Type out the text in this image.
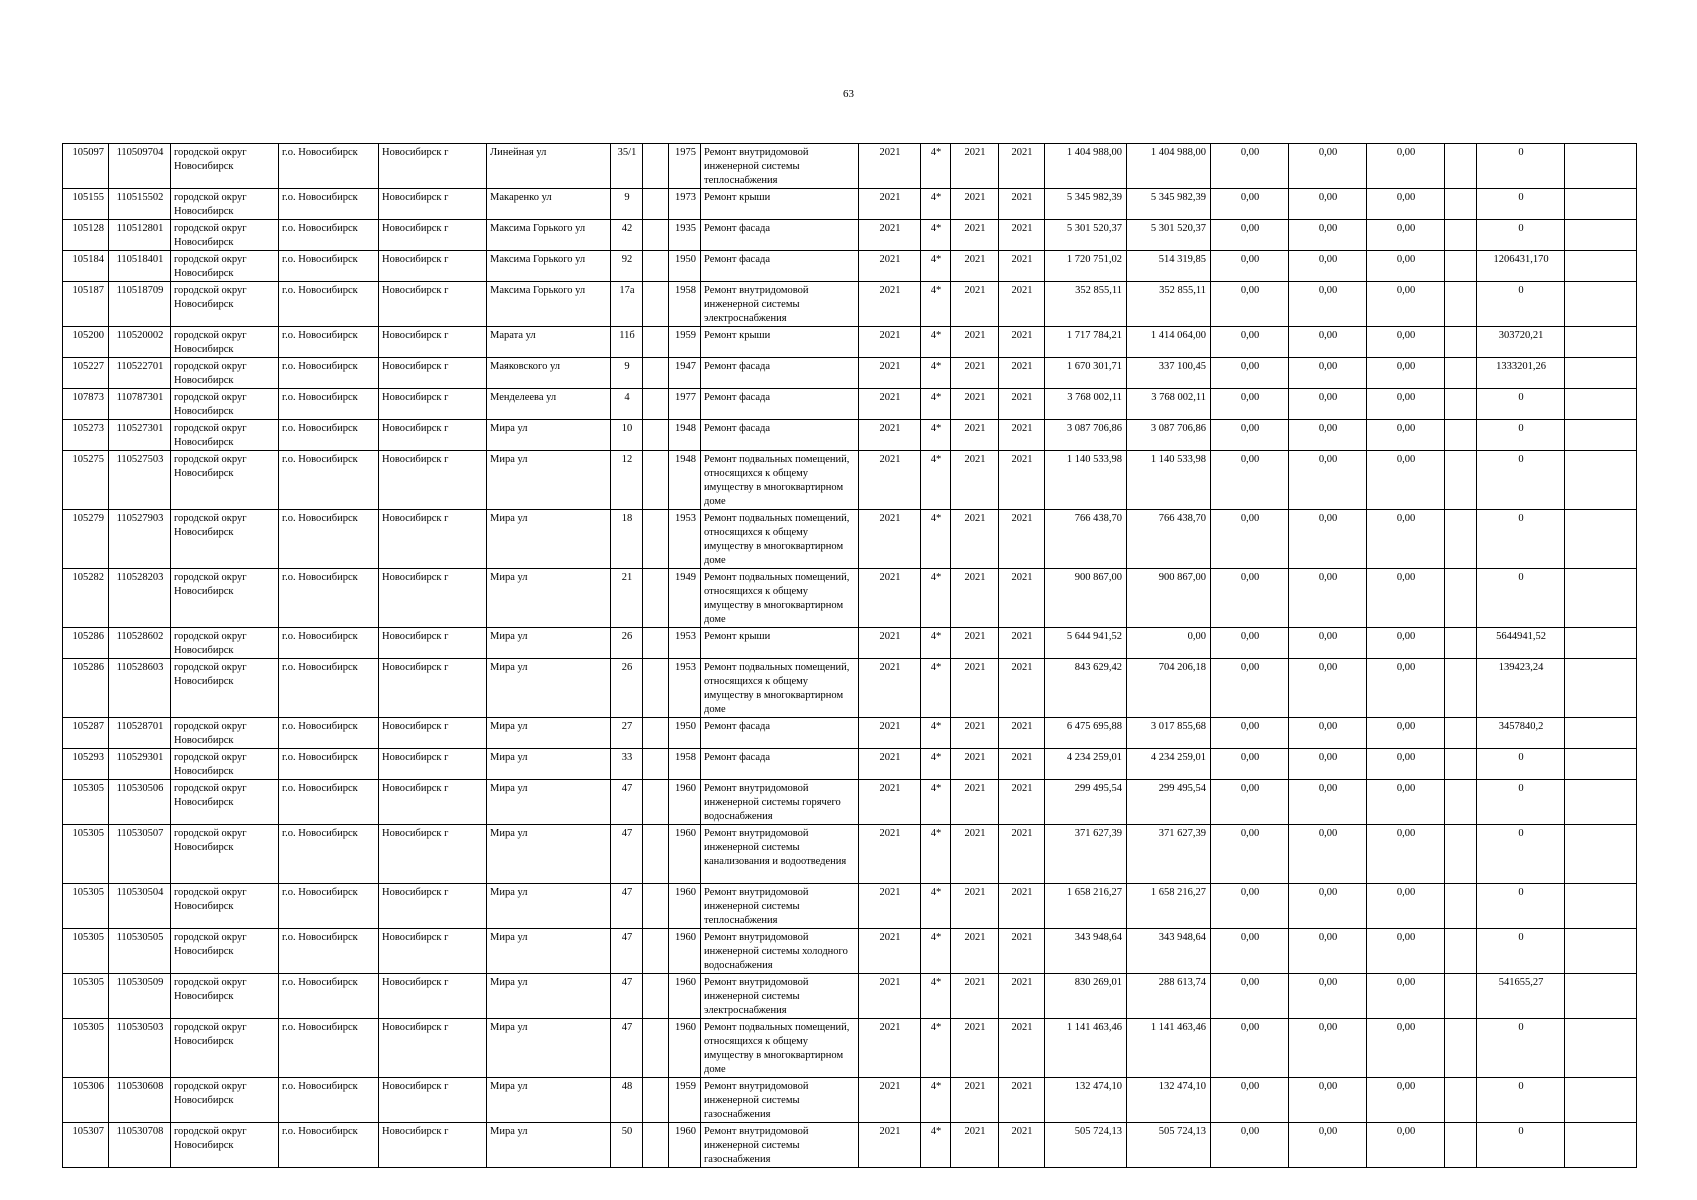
63
105097	110509704	городской округ Новосибирск	г.о. Новосибирск	Новосибирск г	Линейная ул	35/1		1975	Ремонт внутридомовой инженерной системы теплоснабжения	2021	4*	2021	2021	1 404 988,00	1 404 988,00	0,00	0,00	0,00		0	
105155	110515502	городской округ Новосибирск	г.о. Новосибирск	Новосибирск г	Макаренко ул	9		1973	Ремонт крыши	2021	4*	2021	2021	5 345 982,39	5 345 982,39	0,00	0,00	0,00		0	
105128	110512801	городской округ Новосибирск	г.о. Новосибирск	Новосибирск г	Максима Горького ул	42		1935	Ремонт фасада	2021	4*	2021	2021	5 301 520,37	5 301 520,37	0,00	0,00	0,00		0	
105184	110518401	городской округ Новосибирск	г.о. Новосибирск	Новосибирск г	Максима Горького ул	92		1950	Ремонт фасада	2021	4*	2021	2021	1 720 751,02	514 319,85	0,00	0,00	0,00		1206431,170	
105187	110518709	городской округ Новосибирск	г.о. Новосибирск	Новосибирск г	Максима Горького ул	17а		1958	Ремонт внутридомовой инженерной системы электроснабжения	2021	4*	2021	2021	352 855,11	352 855,11	0,00	0,00	0,00		0	
105200	110520002	городской округ Новосибирск	г.о. Новосибирск	Новосибирск г	Марата ул	11б		1959	Ремонт крыши	2021	4*	2021	2021	1 717 784,21	1 414 064,00	0,00	0,00	0,00		303720,21	
105227	110522701	городской округ Новосибирск	г.о. Новосибирск	Новосибирск г	Маяковского ул	9		1947	Ремонт фасада	2021	4*	2021	2021	1 670 301,71	337 100,45	0,00	0,00	0,00		1333201,26	
107873	110787301	городской округ Новосибирск	г.о. Новосибирск	Новосибирск г	Менделеева ул	4		1977	Ремонт фасада	2021	4*	2021	2021	3 768 002,11	3 768 002,11	0,00	0,00	0,00		0	
105273	110527301	городской округ Новосибирск	г.о. Новосибирск	Новосибирск г	Мира ул	10		1948	Ремонт фасада	2021	4*	2021	2021	3 087 706,86	3 087 706,86	0,00	0,00	0,00		0	
105275	110527503	городской округ Новосибирск	г.о. Новосибирск	Новосибирск г	Мира ул	12		1948	Ремонт подвальных помещений, относящихся к общему имуществу в многоквартирном доме	2021	4*	2021	2021	1 140 533,98	1 140 533,98	0,00	0,00	0,00		0	
105279	110527903	городской округ Новосибирск	г.о. Новосибирск	Новосибирск г	Мира ул	18		1953	Ремонт подвальных помещений, относящихся к общему имуществу в многоквартирном доме	2021	4*	2021	2021	766 438,70	766 438,70	0,00	0,00	0,00		0	
105282	110528203	городской округ Новосибирск	г.о. Новосибирск	Новосибирск г	Мира ул	21		1949	Ремонт подвальных помещений, относящихся к общему имуществу в многоквартирном доме	2021	4*	2021	2021	900 867,00	900 867,00	0,00	0,00	0,00		0	
105286	110528602	городской округ Новосибирск	г.о. Новосибирск	Новосибирск г	Мира ул	26		1953	Ремонт крыши	2021	4*	2021	2021	5 644 941,52	0,00	0,00	0,00	0,00		5644941,52	
105286	110528603	городской округ Новосибирск	г.о. Новосибирск	Новосибирск г	Мира ул	26		1953	Ремонт подвальных помещений, относящихся к общему имуществу в многоквартирном доме	2021	4*	2021	2021	843 629,42	704 206,18	0,00	0,00	0,00		139423,24	
105287	110528701	городской округ Новосибирск	г.о. Новосибирск	Новосибирск г	Мира ул	27		1950	Ремонт фасада	2021	4*	2021	2021	6 475 695,88	3 017 855,68	0,00	0,00	0,00		3457840,2	
105293	110529301	городской округ Новосибирск	г.о. Новосибирск	Новосибирск г	Мира ул	33		1958	Ремонт фасада	2021	4*	2021	2021	4 234 259,01	4 234 259,01	0,00	0,00	0,00		0	
105305	110530506	городской округ Новосибирск	г.о. Новосибирск	Новосибирск г	Мира ул	47		1960	Ремонт внутридомовой инженерной системы горячего водоснабжения	2021	4*	2021	2021	299 495,54	299 495,54	0,00	0,00	0,00		0	
105305	110530507	городской округ Новосибирск	г.о. Новосибирск	Новосибирск г	Мира ул	47		1960	Ремонт внутридомовой инженерной системы канализования и водоотведения	2021	4*	2021	2021	371 627,39	371 627,39	0,00	0,00	0,00		0	
105305	110530504	городской округ Новосибирск	г.о. Новосибирск	Новосибирск г	Мира ул	47		1960	Ремонт внутридомовой инженерной системы теплоснабжения	2021	4*	2021	2021	1 658 216,27	1 658 216,27	0,00	0,00	0,00		0	
105305	110530505	городской округ Новосибирск	г.о. Новосибирск	Новосибирск г	Мира ул	47		1960	Ремонт внутридомовой инженерной системы холодного водоснабжения	2021	4*	2021	2021	343 948,64	343 948,64	0,00	0,00	0,00		0	
105305	110530509	городской округ Новосибирск	г.о. Новосибирск	Новосибирск г	Мира ул	47		1960	Ремонт внутридомовой инженерной системы электроснабжения	2021	4*	2021	2021	830 269,01	288 613,74	0,00	0,00	0,00		541655,27	
105305	110530503	городской округ Новосибирск	г.о. Новосибирск	Новосибирск г	Мира ул	47		1960	Ремонт подвальных помещений, относящихся к общему имуществу в многоквартирном доме	2021	4*	2021	2021	1 141 463,46	1 141 463,46	0,00	0,00	0,00		0	
105306	110530608	городской округ Новосибирск	г.о. Новосибирск	Новосибирск г	Мира ул	48		1959	Ремонт внутридомовой инженерной системы газоснабжения	2021	4*	2021	2021	132 474,10	132 474,10	0,00	0,00	0,00		0	
105307	110530708	городской округ Новосибирск	г.о. Новосибирск	Новосибирск г	Мира ул	50		1960	Ремонт внутридомовой инженерной системы газоснабжения	2021	4*	2021	2021	505 724,13	505 724,13	0,00	0,00	0,00		0	
